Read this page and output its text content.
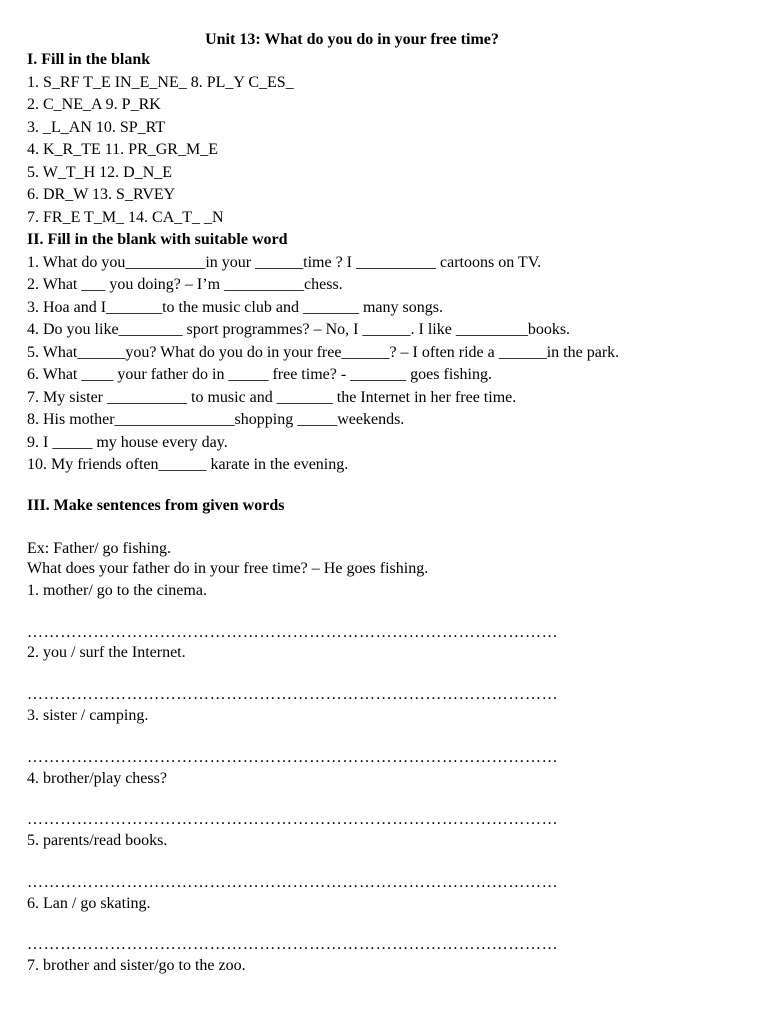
Unit 13: What do you do in your free time?
I. Fill in the blank
1. S_RF T_E IN_E_NE_ 8. PL_Y C_ES_
2. C_NE_A 9. P_RK
3. _L_AN 10. SP_RT
4. K_R_TE 11. PR_GR_M_E
5. W_T_H 12. D_N_E
6. DR_W 13. S_RVEY
7. FR_E T_M_ 14. CA_T_ _N
II. Fill in the blank with suitable word
1. What do you__________in your ______time ? I __________ cartoons on TV.
2. What ___ you doing? – I’m __________chess.
3. Hoa and I_______to the music club and _______ many songs.
4. Do you like________ sport programmes? – No, I ______. I like _________books.
5. What______you? What do you do in your free______? – I often ride a ______in the park.
6. What ____ your father do in _____ free time? - _______ goes fishing.
7. My sister __________ to music and _______ the Internet in her free time.
8. His mother_______________shopping _____weekends.
9. I _____ my house every day.
10. My friends often______ karate in the evening.
III. Make sentences from given words
Ex: Father/ go fishing.
What does your father do in your free time? – He goes fishing.
1. mother/ go to the cinema.
……………………………………………………………………………………
2. you / surf the Internet.
……………………………………………………………………………………
3. sister / camping.
……………………………………………………………………………………
4. brother/play chess?
……………………………………………………………………………………
5. parents/read books.
……………………………………………………………………………………
6. Lan / go skating.
……………………………………………………………………………………
7. brother and sister/go to the zoo.
